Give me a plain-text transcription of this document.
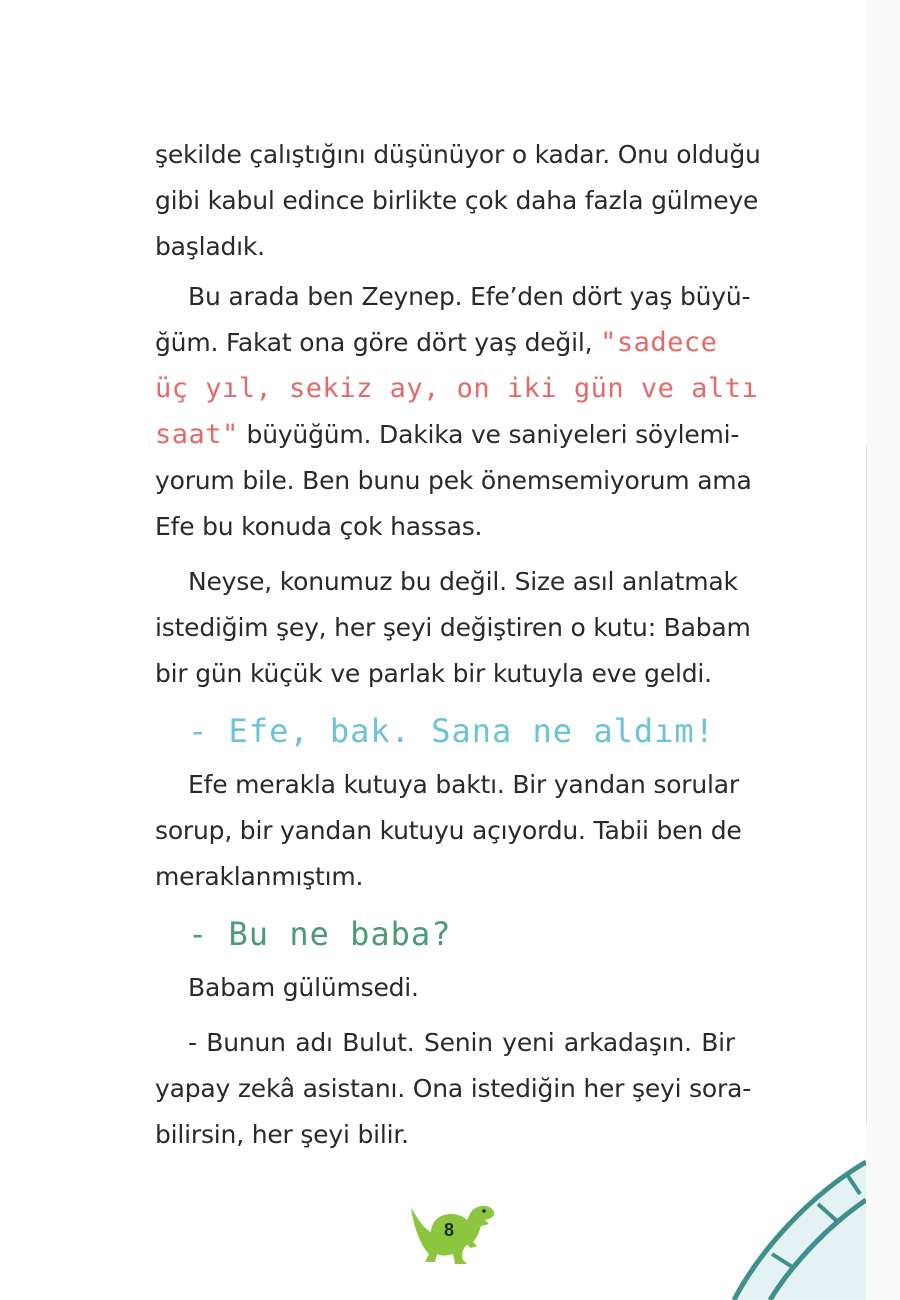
şekilde çalıştığını düşünüyor o kadar. Onu olduğu
gibi kabul edince birlikte çok daha fazla gülmeye
başladık.

Bu arada ben Zeynep. Efe’den dört yaş büyü-
ğüm. Fakat ona göre dört yaş değil, "sadece
üç yıl, sekiz ay, on iki gün ve altı
saat" büyüğüm. Dakika ve saniyeleri söylemi-
yorum bile. Ben bunu pek önemsemiyorum ama
Efe bu konuda çok hassas.

Neyse, konumuz bu değil. Size asıl anlatmak
istediğim şey, her şeyi değiştiren o kutu: Babam
bir gün küçük ve parlak bir kutuyla eve geldi.

- Efe, bak. Sana ne aldım!

Efe merakla kutuya baktı. Bir yandan sorular
sorup, bir yandan kutuyu açıyordu. Tabii ben de
meraklanmıştım.

- Bu ne baba?

Babam gülümsedi.

- Bunun adı Bulut. Senin yeni arkadaşın. Bir
yapay zekâ asistanı. Ona istediğin her şeyi sora-
bilirsin, her şeyi bilir.

8
